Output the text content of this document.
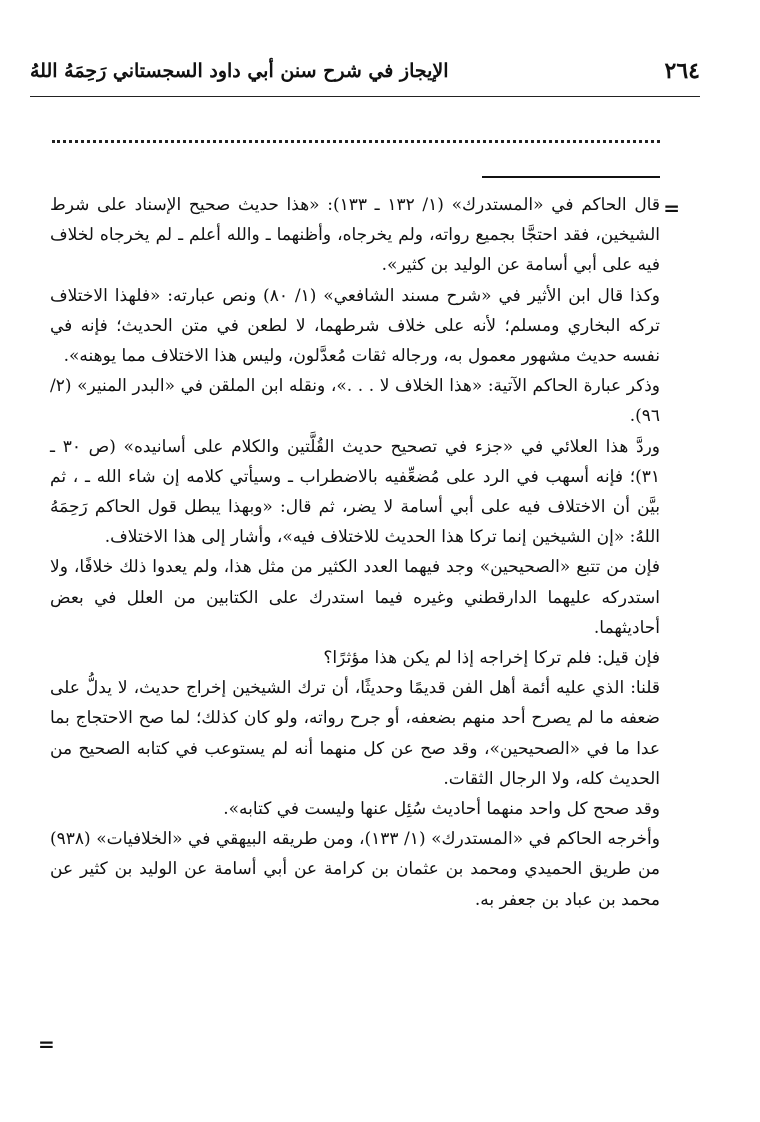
٢٦٤
الإيجاز في شرح سنن أبي داود السجستاني رَحِمَهُ اللهُ
=

قال الحاكم في «المستدرك» (١/ ١٣٢ ـ ١٣٣): «هذا حديث صحيح الإسناد على شرط الشيخين، فقد احتجَّا بجميع رواته، ولم يخرجاه، وأظنهما ـ والله أعلم ـ لم يخرجاه لخلاف فيه على أبي أسامة عن الوليد بن كثير».

وكذا قال ابن الأثير في «شرح مسند الشافعي» (١/ ٨٠) ونص عبارته: «فلهذا الاختلاف تركه البخاري ومسلم؛ لأنه على خلاف شرطهما، لا لطعن في متن الحديث؛ فإنه في نفسه حديث مشهور معمول به، ورجاله ثقات مُعدَّلون، وليس هذا الاختلاف مما يوهنه».

وذكر عبارة الحاكم الآتية: «هذا الخلاف لا . . .»، ونقله ابن الملقن في «البدر المنير» (٢/ ٩٦).

وردَّ هذا العلائي في «جزء في تصحيح حديث القُلَّتين والكلام على أسانيده» (ص ٣٠ ـ ٣١)؛ فإنه أسهب في الرد على مُضعِّفيه بالاضطراب ـ وسيأتي كلامه إن شاء الله ـ ، ثم بيَّن أن الاختلاف فيه على أبي أسامة لا يضر، ثم قال: «وبهذا يبطل قول الحاكم رَحِمَهُ اللهُ: «إن الشيخين إنما تركا هذا الحديث للاختلاف فيه»، وأشار إلى هذا الاختلاف.

فإن من تتبع «الصحيحين» وجد فيهما العدد الكثير من مثل هذا، ولم يعدوا ذلك خلافًا، ولا استدركه عليهما الدارقطني وغيره فيما استدرك على الكتابين من العلل في بعض أحاديثهما.

فإن قيل: فلم تركا إخراجه إذا لم يكن هذا مؤثرًا؟

قلنا: الذي عليه أئمة أهل الفن قديمًا وحديثًا، أن ترك الشيخين إخراج حديث، لا يدلُّ على ضعفه ما لم يصرح أحد منهم بضعفه، أو جرح رواته، ولو كان كذلك؛ لما صح الاحتجاج بما عدا ما في «الصحيحين»، وقد صح عن كل منهما أنه لم يستوعب في كتابه الصحيح من الحديث كله، ولا الرجال الثقات.

وقد صحح كل واحد منهما أحاديث سُئِل عنها وليست في كتابه».

وأخرجه الحاكم في «المستدرك» (١/ ١٣٣)، ومن طريقه البيهقي في «الخلافيات» (٩٣٨) من طريق الحميدي ومحمد بن عثمان بن كرامة عن أبي أسامة عن الوليد بن كثير عن محمد بن عباد بن جعفر به.

=
